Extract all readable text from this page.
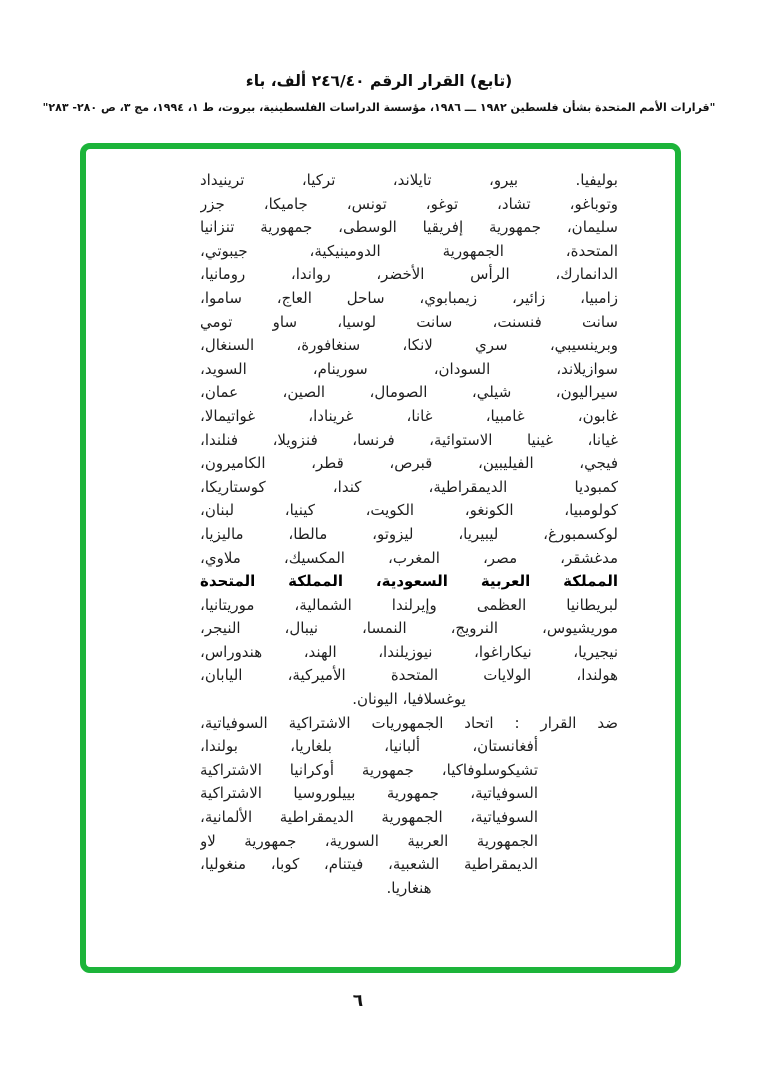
(تابع) القرار الرقم ٢٤٦/٤٠ ألف، باء
"قرارات الأمم المتحدة بشأن فلسطين ١٩٨٢ ـــ ١٩٨٦، مؤسسة الدراسات الفلسطينية، بيروت، ط ١، ١٩٩٤، مج ٣، ص ٢٨٠- ٢٨٣"
بوليفيا. بيرو، تايلاند، تركيا، ترينيداد
وتوباغو، تشاد، توغو، تونس، جاميكا، جزر
سليمان، جمهورية إفريقيا الوسطى، جمهورية تنزانيا
المتحدة، الجمهورية الدومينيكية، جيبوتي،
الدانمارك، الرأس الأخضر، رواندا، رومانيا،
زامبيا، زائير، زيمبابوي، ساحل العاج، ساموا،
سانت فنسنت، سانت لوسيا، ساو تومي
وبرينسيبي، سري لانكا، سنغافورة، السنغال،
سوازيلاند، السودان، سورينام، السويد،
سيراليون، شيلي، الصومال، الصين، عمان،
غابون، غامبيا، غانا، غرينادا، غواتيمالا،
غيانا، غينيا الاستوائية، فرنسا، فنزويلا، فنلندا،
فيجي، الفيليبين، قبرص، قطر، الكاميرون،
كمبوديا الديمقراطية، كندا، كوستاريكا،
كولومبيا، الكونغو، الكويت، كينيا، لبنان،
لوكسمبورغ، ليبيريا، ليزوتو، مالطا، ماليزيا،
مدغشقر، مصر، المغرب، المكسيك، ملاوي،
المملكة العربية السعودية، المملكة المتحدة
لبريطانيا العظمى وإيرلندا الشمالية، موريتانيا،
موريشيوس، النرويج، النمسا، نيبال، النيجر،
نيجيريا، نيكاراغوا، نيوزيلندا، الهند، هندوراس،
هولندا، الولايات المتحدة الأميركية، اليابان،
يوغسلافيا، اليونان.
ضد القرار : اتحاد الجمهوريات الاشتراكية السوفياتية،
أفغانستان، ألبانيا، بلغاريا، بولندا،
تشيكوسلوفاكيا، جمهورية أوكرانيا الاشتراكية
السوفياتية، جمهورية بييلوروسيا الاشتراكية
السوفياتية، الجمهورية الديمقراطية الألمانية،
الجمهورية العربية السورية، جمهورية لاو
الديمقراطية الشعبية، فيتنام، كوبا، منغوليا،
هنغاريا.
٦
